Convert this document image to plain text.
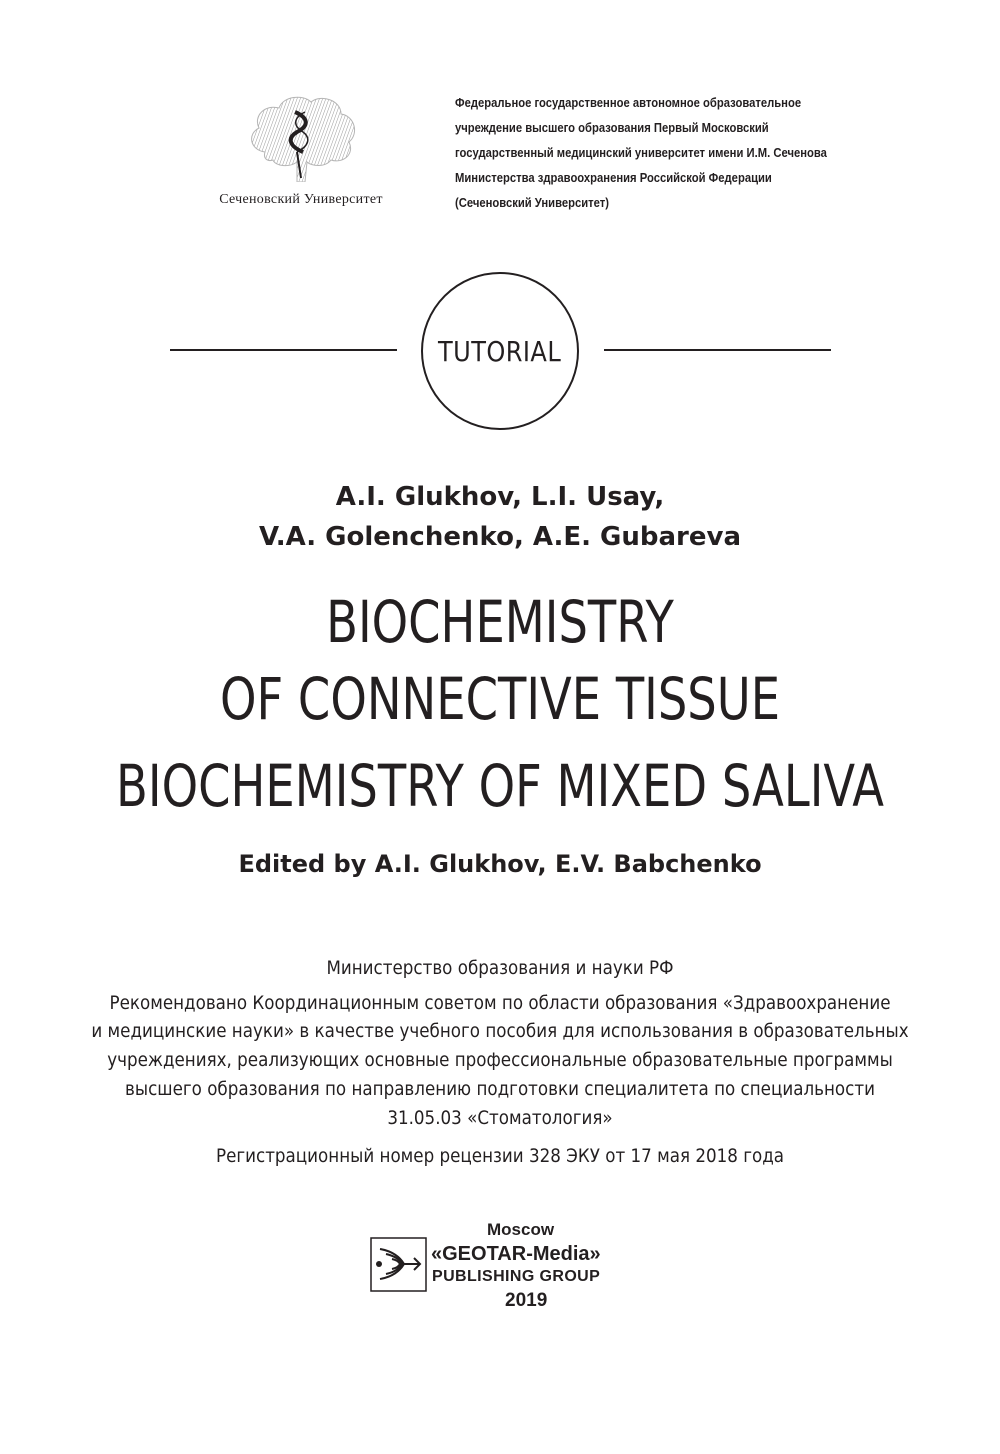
Сеченовский Университет
Федеральное государственное автономное образовательное
учреждение высшего образования Первый Московский
государственный медицинский университет имени И.М. Сеченова
Министерства здравоохранения Российской Федерации
(Сеченовский Университет)
TUTORIAL
A.I. Glukhov, L.I. Usay,
V.A. Golenchenko, A.E. Gubareva
BIOCHEMISTRY
OF CONNECTIVE TISSUE
BIOCHEMISTRY OF MIXED SALIVA
Edited by A.I. Glukhov, E.V. Babchenko
Министерство образования и науки РФ
Рекомендовано Координационным советом по области образования «Здравоохранение
и медицинские науки» в качестве учебного пособия для использования в образовательных
учреждениях, реализующих основные профессиональные образовательные программы
высшего образования по направлению подготовки специалитета по специальности
31.05.03 «Стоматология»
Регистрационный номер рецензии 328 ЭКУ от 17 мая 2018 года
Moscow
«GEOTAR-Media»
PUBLISHING GROUP
2019
